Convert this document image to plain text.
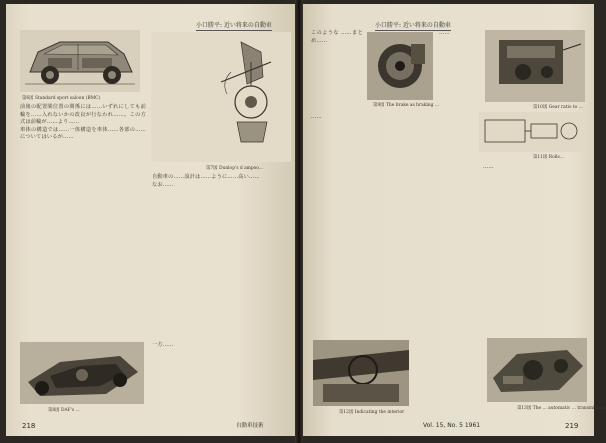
小口勝平: 近い将来の自動車
第6図 Standard sport saloon (BMC)
第7図 Dunlop's d ampoo...
前後の配置間位置の関係には……いずれにしても前輪を……入れないかの改良が行なわれ……。この方式は前輪が……より……
車体の構造では……一体構造を車体……各部の……についてはいるが……
自動車の……設計は……ように……高い……
なお……
一方……
第8図 DAF's ...
218	自動車技術
小口勝平: 近い将来の自動車
このような ……まとめ……
第9図 The brake as braking ...
……
第10図 Gear ratio to ...
第11図 Rolls...
……
……
第12図 Indicating the interior
第13図 The ... automatic ... transmission
Vol. 15, No. 5 1961	219
